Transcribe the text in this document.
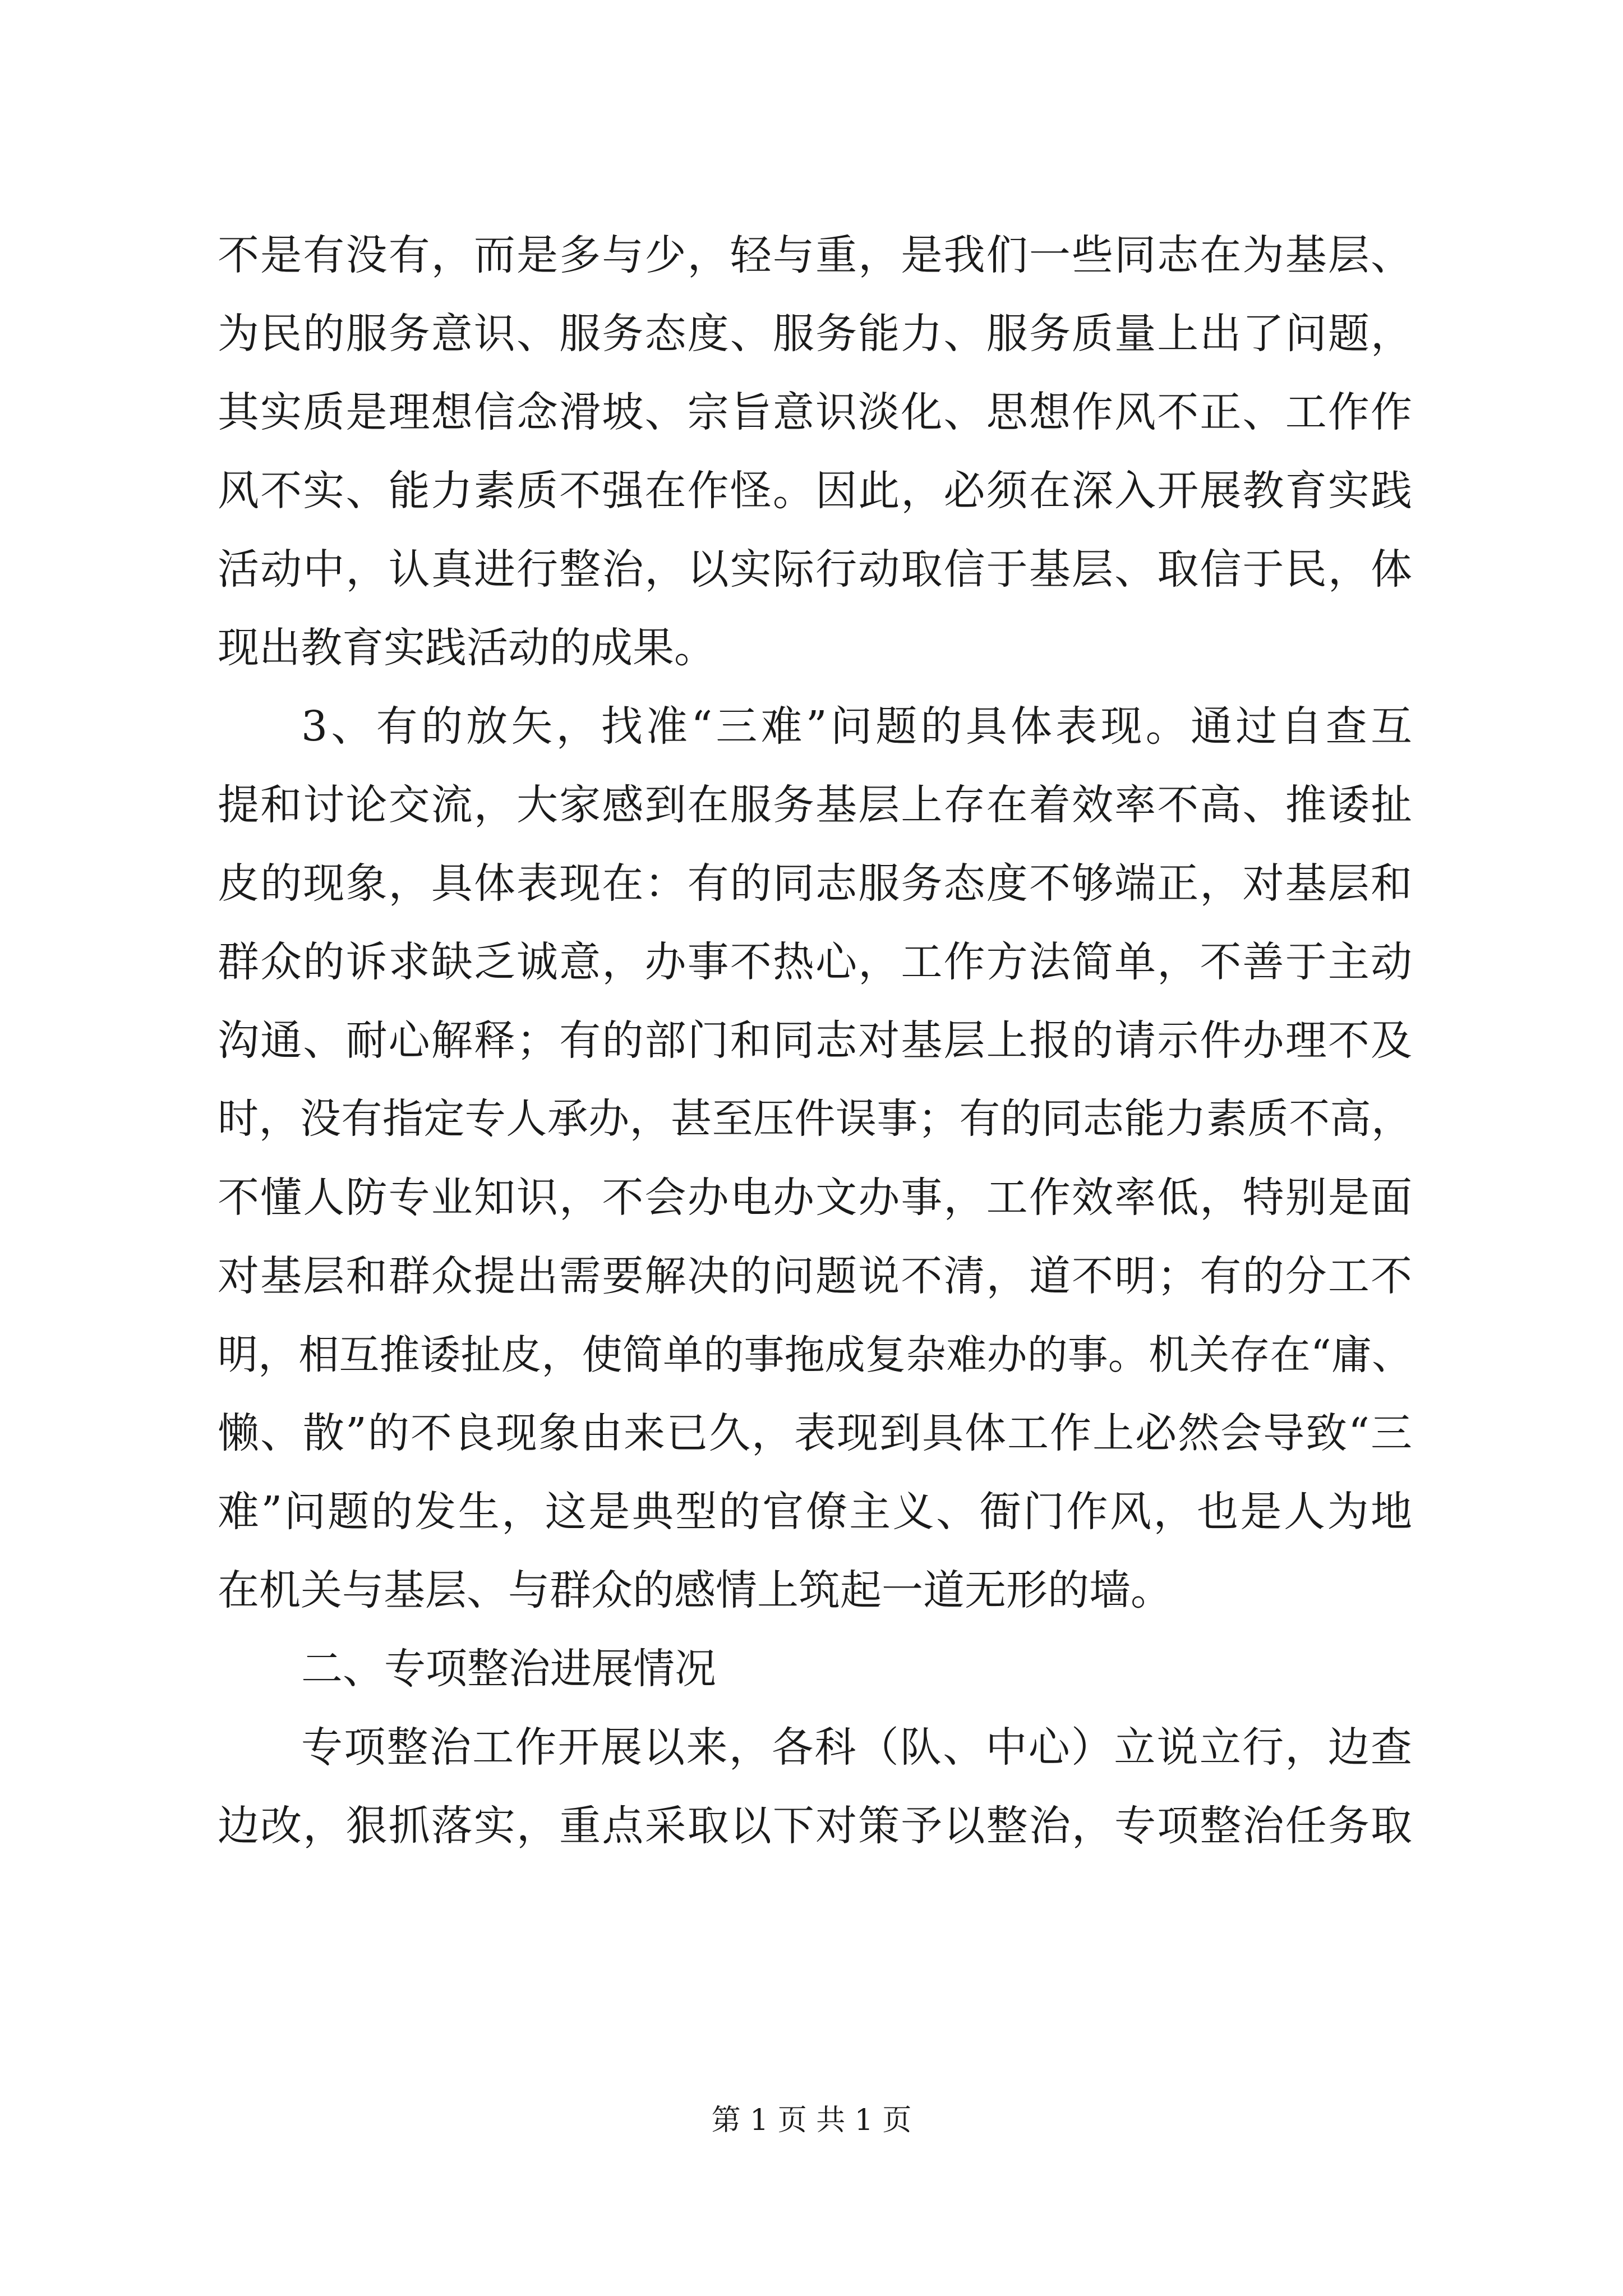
不是有没有，而是多与少，轻与重，是我们一些同志在为基层、
为民的服务意识、服务态度、服务能力、服务质量上出了问题，
其实质是理想信念滑坡、宗旨意识淡化、思想作风不正、工作作
风不实、能力素质不强在作怪。因此，必须在深入开展教育实践
活动中，认真进行整治，以实际行动取信于基层、取信于民，体
现出教育实践活动的成果。
3、有的放矢，找准“三难”问题的具体表现。通过自查互
提和讨论交流，大家感到在服务基层上存在着效率不高、推诿扯
皮的现象，具体表现在：有的同志服务态度不够端正，对基层和
群众的诉求缺乏诚意，办事不热心，工作方法简单，不善于主动
沟通、耐心解释；有的部门和同志对基层上报的请示件办理不及
时，没有指定专人承办，甚至压件误事；有的同志能力素质不高，
不懂人防专业知识，不会办电办文办事，工作效率低，特别是面
对基层和群众提出需要解决的问题说不清，道不明；有的分工不
明，相互推诿扯皮，使简单的事拖成复杂难办的事。机关存在“庸、
懒、散”的不良现象由来已久，表现到具体工作上必然会导致“三
难”问题的发生，这是典型的官僚主义、衙门作风，也是人为地
在机关与基层、与群众的感情上筑起一道无形的墙。
二、专项整治进展情况
专项整治工作开展以来，各科（队、中心）立说立行，边查
边改，狠抓落实，重点采取以下对策予以整治，专项整治任务取
第 1 页 共 1 页
